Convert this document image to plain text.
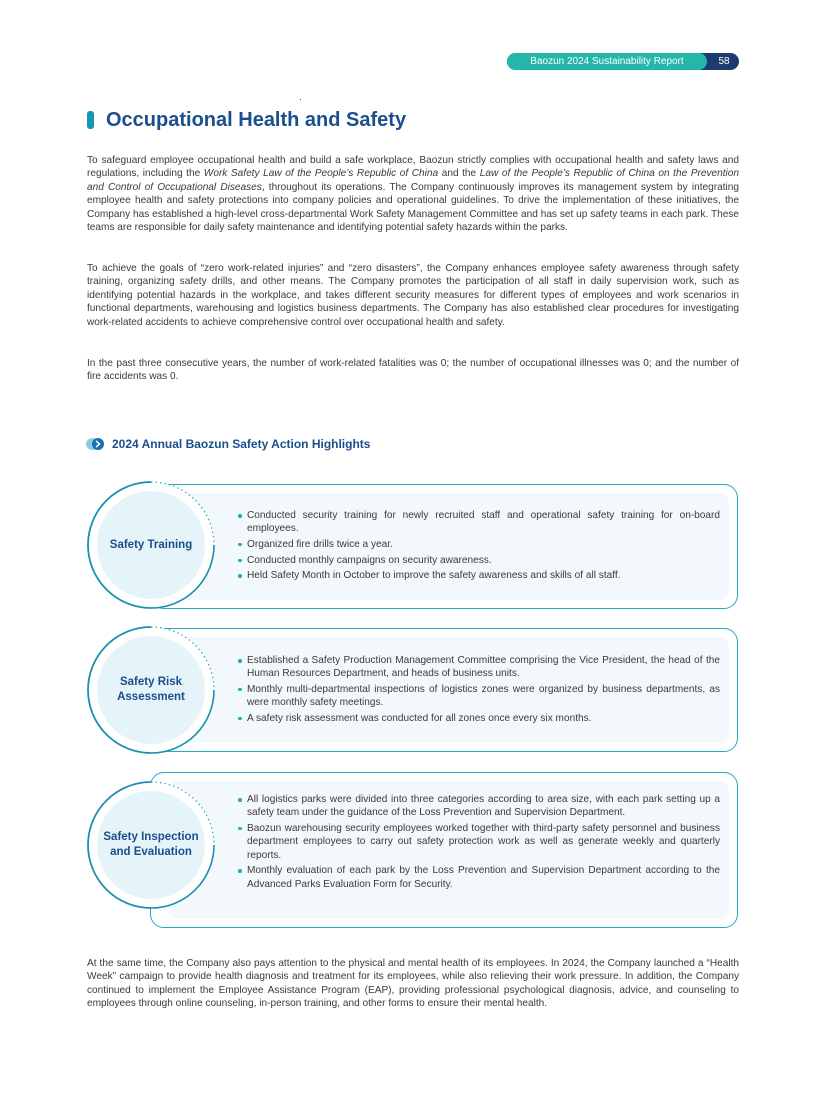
Baozun 2024 Sustainability Report	58
Occupational Health and Safety

To safeguard employee occupational health and build a safe workplace, Baozun strictly complies with occupational health and safety laws and regulations, including the Work Safety Law of the People’s Republic of China and the Law of the People’s Republic of China on the Prevention and Control of Occupational Diseases, throughout its operations. The Company continuously improves its management system by integrating employee health and safety protections into company policies and operational guidelines. To drive the implementation of these initiatives, the Company has established a high-level cross-departmental Work Safety Management Committee and has set up safety teams in each park. These teams are responsible for daily safety maintenance and identifying potential safety hazards within the parks.

To achieve the goals of “zero work-related injuries” and “zero disasters”, the Company enhances employee safety awareness through safety training, organizing safety drills, and other means. The Company promotes the participation of all staff in daily supervision work, such as identifying potential hazards in the workplace, and takes different security measures for different types of employees and work scenarios in functional departments, warehousing and logistics business departments. The Company has also established clear procedures for investigating work-related accidents to achieve comprehensive control over occupational health and safety.

In the past three consecutive years, the number of work-related fatalities was 0; the number of occupational illnesses was 0; and the number of fire accidents was 0.

2024 Annual Baozun Safety Action Highlights
Safety Training
Conducted security training for newly recruited staff and operational safety training for on-board employees.
Organized fire drills twice a year.
Conducted monthly campaigns on security awareness.
Held Safety Month in October to improve the safety awareness and skills of all staff.
Safety Risk Assessment
Established a Safety Production Management Committee comprising the Vice President, the head of the Human Resources Department, and heads of business units.
Monthly multi-departmental inspections of logistics zones were organized by business departments, as were monthly safety meetings.
A safety risk assessment was conducted for all zones once every six months.
Safety Inspection and Evaluation
All logistics parks were divided into three categories according to area size, with each park setting up a safety team under the guidance of the Loss Prevention and Supervision Department.
Baozun warehousing security employees worked together with third-party safety personnel and business department employees to carry out safety protection work as well as generate weekly and quarterly reports.
Monthly evaluation of each park by the Loss Prevention and Supervision Department according to the Advanced Parks Evaluation Form for Security.

At the same time, the Company also pays attention to the physical and mental health of its employees. In 2024, the Company launched a “Health Week” campaign to provide health diagnosis and treatment for its employees, while also relieving their work pressure. In addition, the Company continued to implement the Employee Assistance Program (EAP), providing professional psychological diagnosis, advice, and counseling to employees through online counseling, in-person training, and other forms to ensure their mental health.
